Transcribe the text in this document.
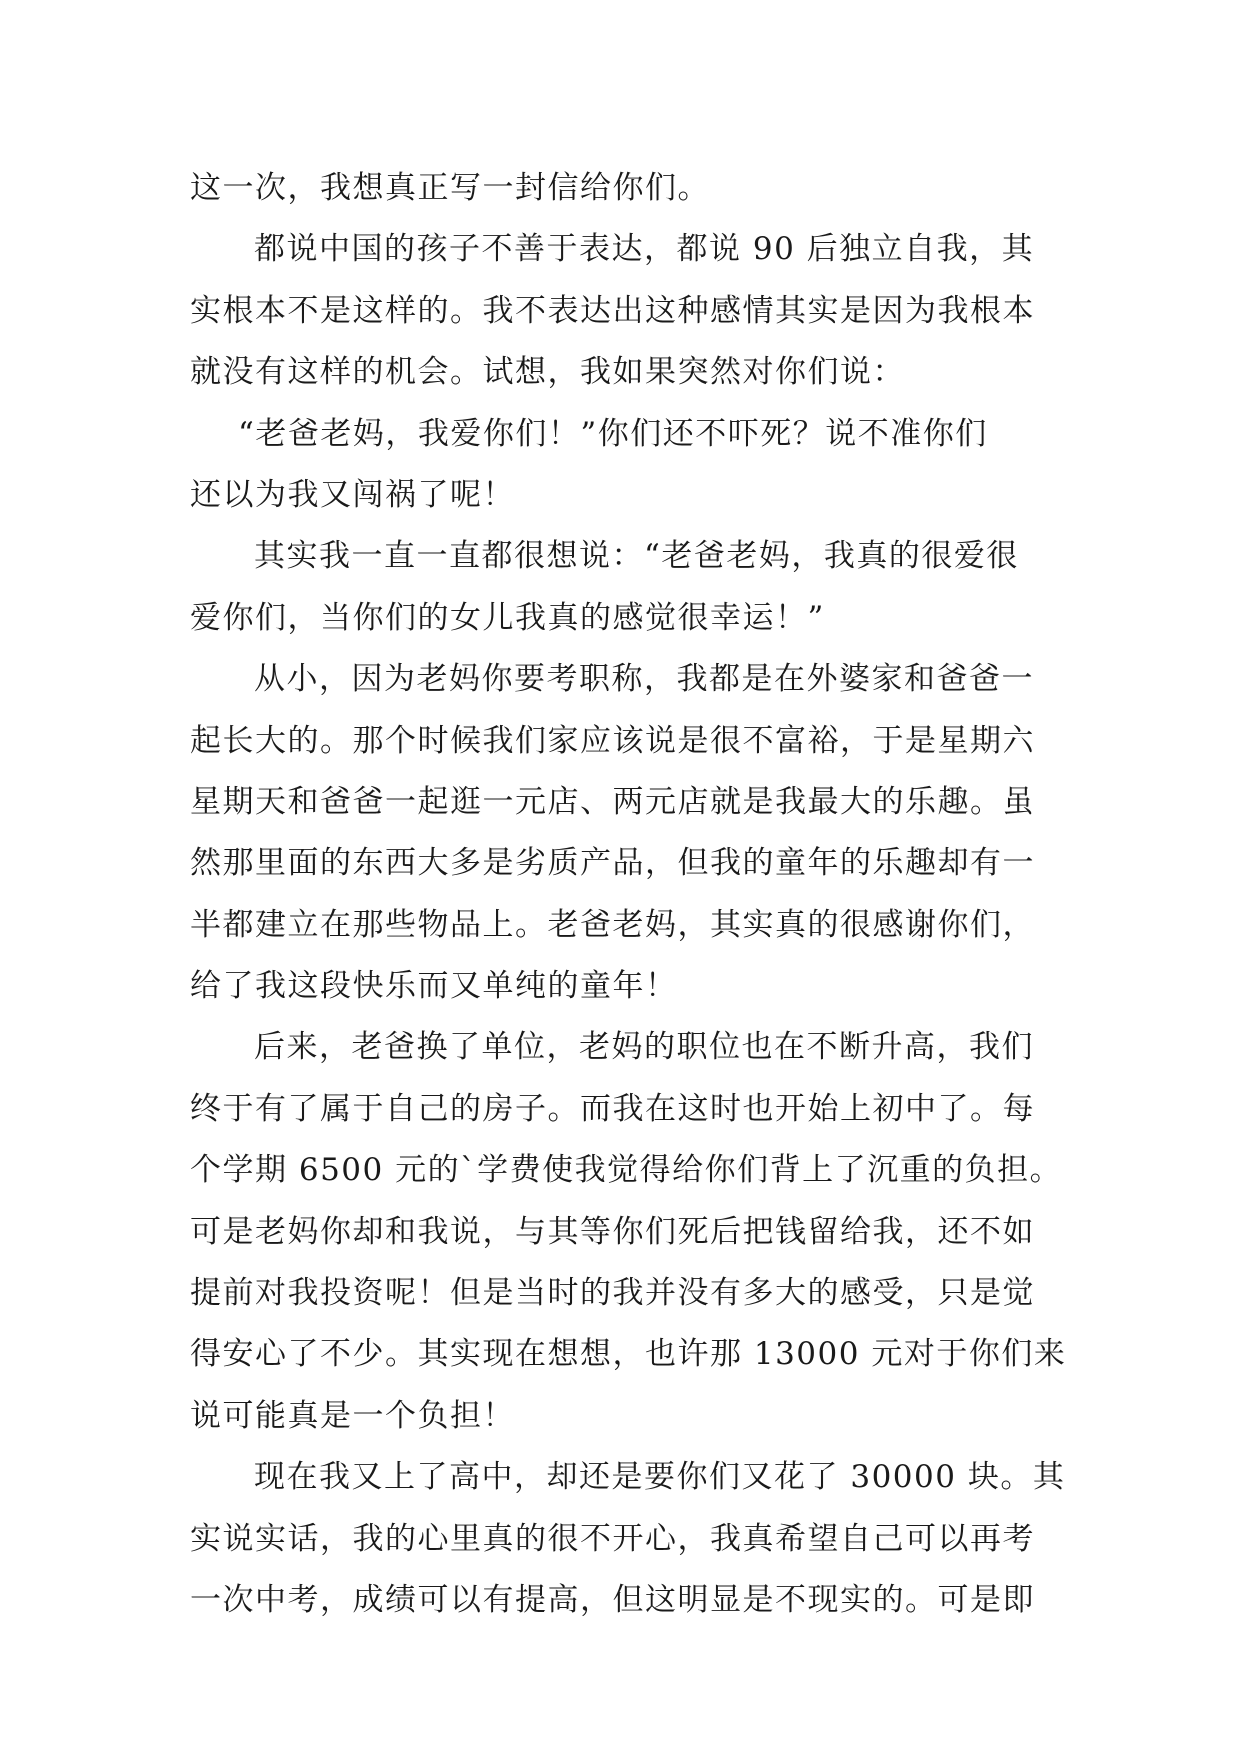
这一次，我想真正写一封信给你们。
都说中国的孩子不善于表达，都说 90 后独立自我，其
实根本不是这样的。我不表达出这种感情其实是因为我根本
就没有这样的机会。试想，我如果突然对你们说：
“老爸老妈，我爱你们！”你们还不吓死？说不准你们
还以为我又闯祸了呢！
其实我一直一直都很想说：“老爸老妈，我真的很爱很
爱你们，当你们的女儿我真的感觉很幸运！”
从小，因为老妈你要考职称，我都是在外婆家和爸爸一
起长大的。那个时候我们家应该说是很不富裕，于是星期六
星期天和爸爸一起逛一元店、两元店就是我最大的乐趣。虽
然那里面的东西大多是劣质产品，但我的童年的乐趣却有一
半都建立在那些物品上。老爸老妈，其实真的很感谢你们，
给了我这段快乐而又单纯的童年！
后来，老爸换了单位，老妈的职位也在不断升高，我们
终于有了属于自己的房子。而我在这时也开始上初中了。每
个学期 6500 元的`学费使我觉得给你们背上了沉重的负担。
可是老妈你却和我说，与其等你们死后把钱留给我，还不如
提前对我投资呢！但是当时的我并没有多大的感受，只是觉
得安心了不少。其实现在想想，也许那 13000 元对于你们来
说可能真是一个负担！
现在我又上了高中，却还是要你们又花了 30000 块。其
实说实话，我的心里真的很不开心，我真希望自己可以再考
一次中考，成绩可以有提高，但这明显是不现实的。可是即
